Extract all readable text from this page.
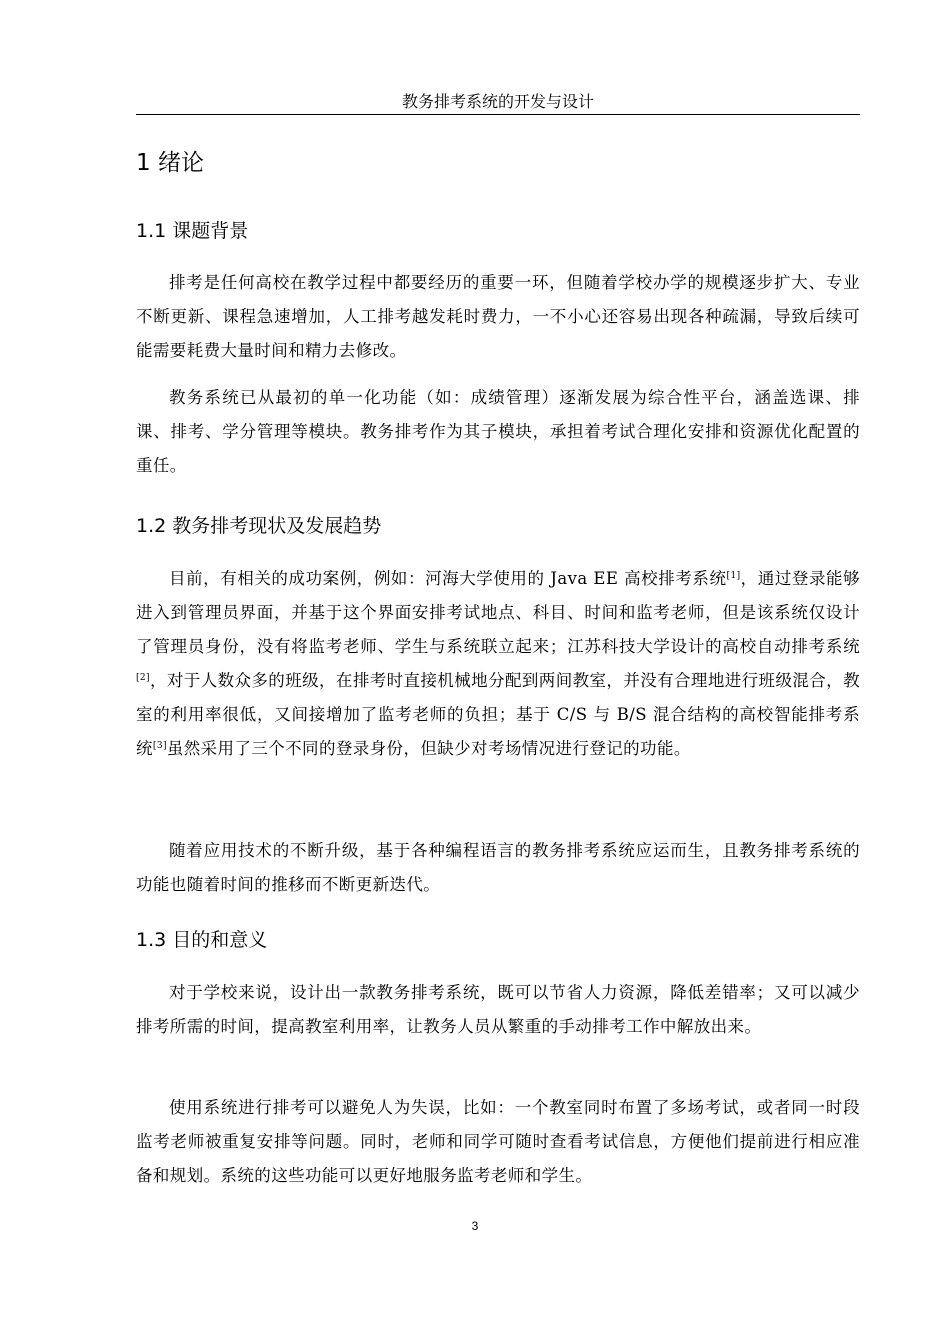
教务排考系统的开发与设计
1 绪论
1.1 课题背景

排考是任何高校在教学过程中都要经历的重要一环，但随着学校办学的规模逐步扩大、专业不断更新、课程急速增加，人工排考越发耗时费力，一不小心还容易出现各种疏漏，导致后续可能需要耗费大量时间和精力去修改。

教务系统已从最初的单一化功能（如：成绩管理）逐渐发展为综合性平台，涵盖选课、排课、排考、学分管理等模块。教务排考作为其子模块，承担着考试合理化安排和资源优化配置的重任。

1.2 教务排考现状及发展趋势

目前，有相关的成功案例，例如：河海大学使用的 Java EE 高校排考系统[1]，通过登录能够进入到管理员界面，并基于这个界面安排考试地点、科目、时间和监考老师，但是该系统仅设计了管理员身份，没有将监考老师、学生与系统联立起来；江苏科技大学设计的高校自动排考系统[2]，对于人数众多的班级，在排考时直接机械地分配到两间教室，并没有合理地进行班级混合，教室的利用率很低，又间接增加了监考老师的负担；基于 C/S 与 B/S 混合结构的高校智能排考系统[3]虽然采用了三个不同的登录身份，但缺少对考场情况进行登记的功能。

随着应用技术的不断升级，基于各种编程语言的教务排考系统应运而生，且教务排考系统的功能也随着时间的推移而不断更新迭代。

1.3 目的和意义

对于学校来说，设计出一款教务排考系统，既可以节省人力资源，降低差错率；又可以减少排考所需的时间，提高教室利用率，让教务人员从繁重的手动排考工作中解放出来。

使用系统进行排考可以避免人为失误，比如：一个教室同时布置了多场考试，或者同一时段监考老师被重复安排等问题。同时，老师和同学可随时查看考试信息，方便他们提前进行相应准备和规划。系统的这些功能可以更好地服务监考老师和学生。

3
